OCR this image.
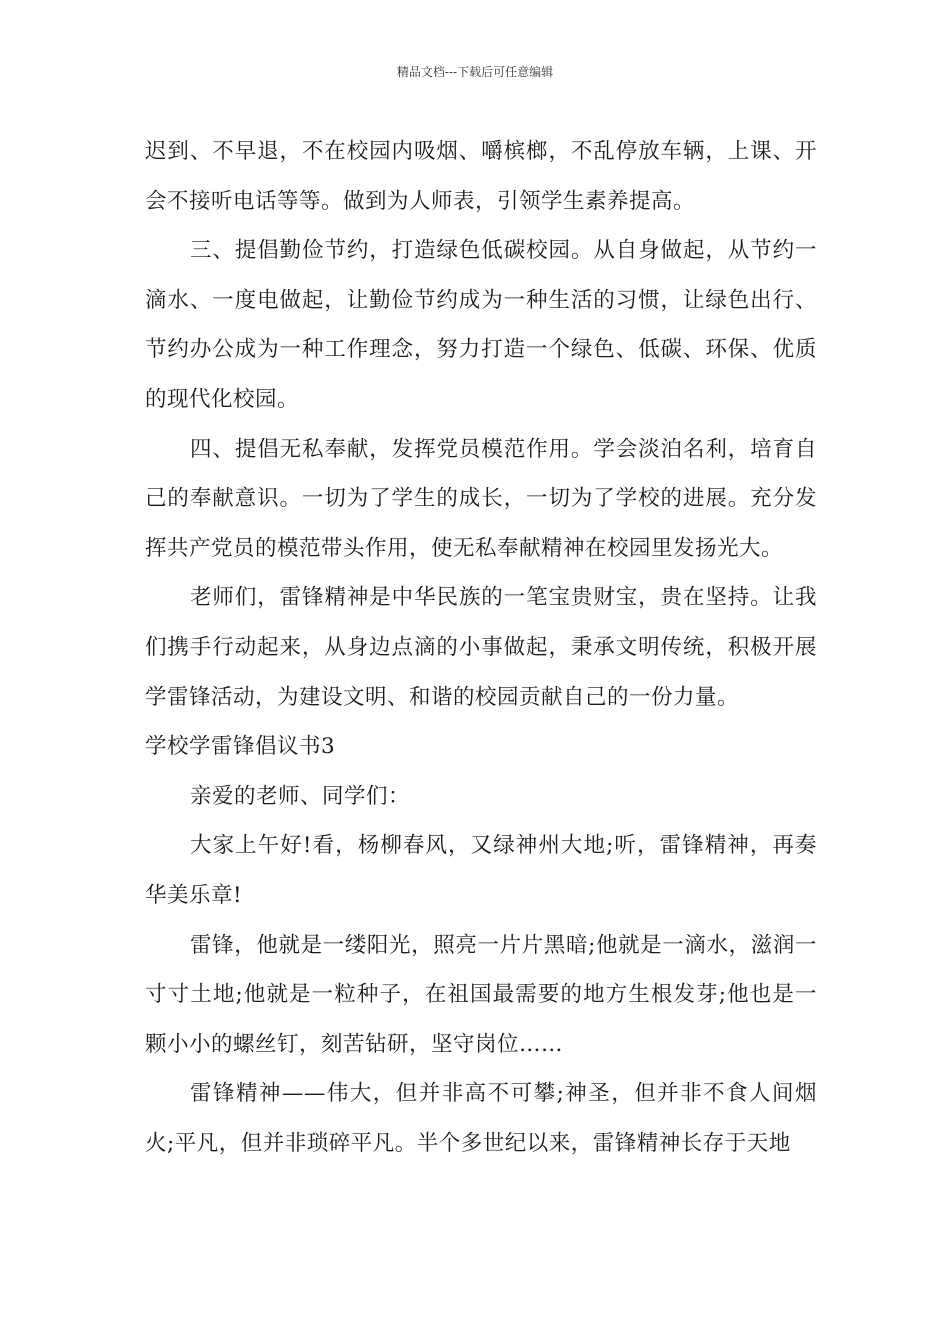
精品文档---下载后可任意编辑

迟到、不早退，不在校园内吸烟、嚼槟榔，不乱停放车辆，上课、开会不接听电话等等。做到为人师表，引领学生素养提高。

三、提倡勤俭节约，打造绿色低碳校园。从自身做起，从节约一滴水、一度电做起，让勤俭节约成为一种生活的习惯，让绿色出行、节约办公成为一种工作理念，努力打造一个绿色、低碳、环保、优质的现代化校园。

四、提倡无私奉献，发挥党员模范作用。学会淡泊名利，培育自己的奉献意识。一切为了学生的成长，一切为了学校的进展。充分发挥共产党员的模范带头作用，使无私奉献精神在校园里发扬光大。

老师们，雷锋精神是中华民族的一笔宝贵财宝，贵在坚持。让我们携手行动起来，从身边点滴的小事做起，秉承文明传统，积极开展学雷锋活动，为建设文明、和谐的校园贡献自己的一份力量。

学校学雷锋倡议书3

亲爱的老师、同学们：

大家上午好!看，杨柳春风，又绿神州大地;听，雷锋精神，再奏华美乐章!

雷锋，他就是一缕阳光，照亮一片片黑暗;他就是一滴水，滋润一寸寸土地;他就是一粒种子，在祖国最需要的地方生根发芽;他也是一颗小小的螺丝钉，刻苦钻研，坚守岗位……

雷锋精神——伟大，但并非高不可攀;神圣，但并非不食人间烟火;平凡，但并非琐碎平凡。半个多世纪以来，雷锋精神长存于天地
